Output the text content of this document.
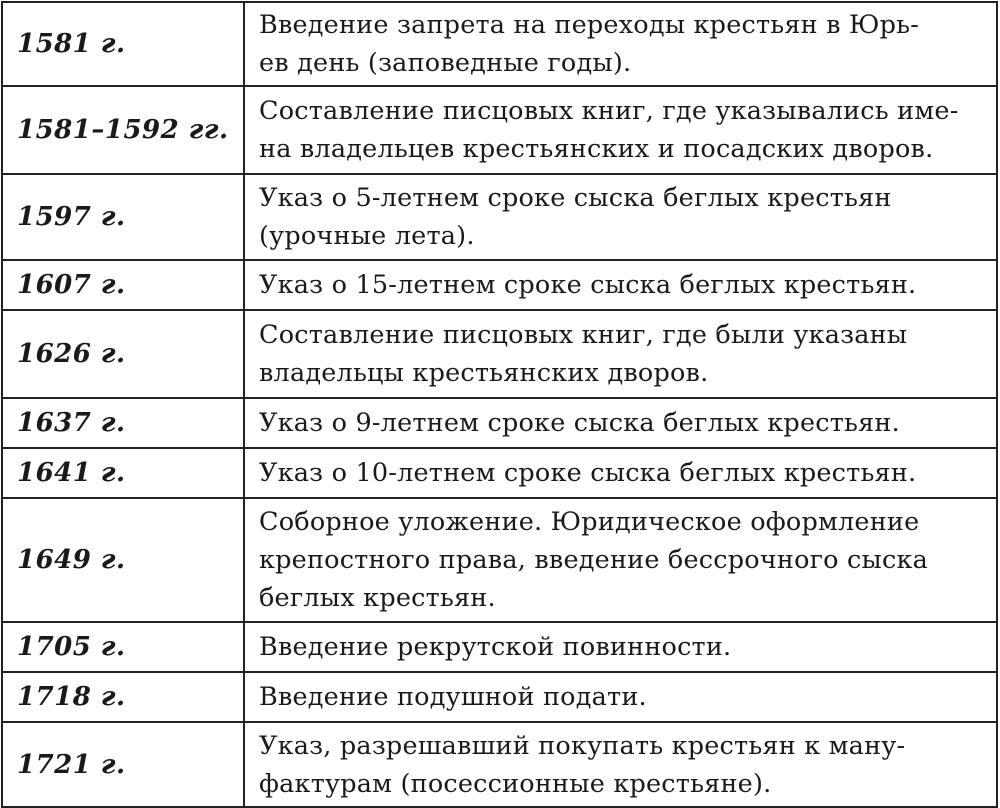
1581 г.	Введение запрета на переходы крестьян в Юрь-
ев день (заповедные годы).

1581–1592 гг.	Составление писцовых книг, где указывались име-
на владельцев крестьянских и посадских дворов.

1597 г.	Указ о 5-летнем сроке сыска беглых крестьян
(урочные лета).

1607 г.	Указ о 15-летнем сроке сыска беглых крестьян.

1626 г.	Составление писцовых книг, где были указаны
владельцы крестьянских дворов.

1637 г.	Указ о 9-летнем сроке сыска беглых крестьян.

1641 г.	Указ о 10-летнем сроке сыска беглых крестьян.

1649 г.	Соборное уложение. Юридическое оформление
крепостного права, введение бессрочного сыска
беглых крестьян.

1705 г.	Введение рекрутской повинности.

1718 г.	Введение подушной подати.

1721 г.	Указ, разрешавший покупать крестьян к ману-
фактурам (посессионные крестьяне).
